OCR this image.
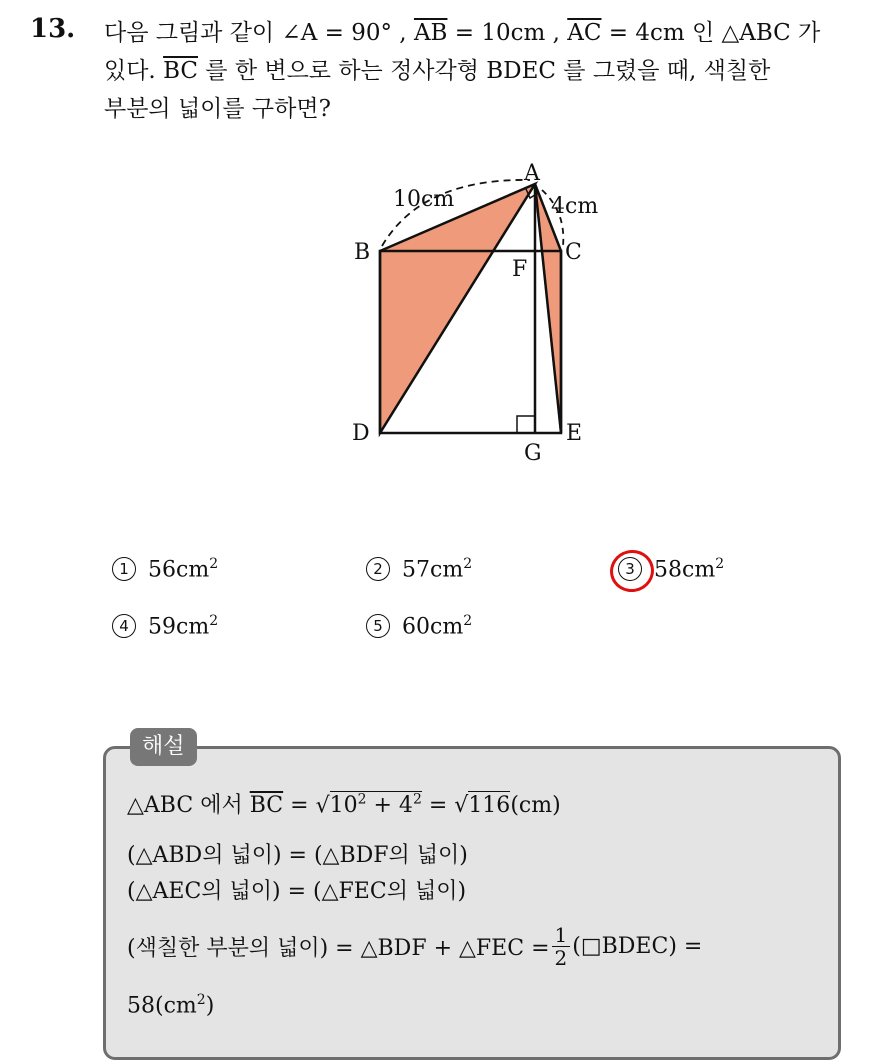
13. 다음 그림과 같이 ∠A = 90° , $\overline{AB} = 10cm$ , $\overline{AC} = 4cm$ 인 △ABC 가
있다. $\overline{BC}$ 를 한 변으로 하는 정사각형 BDEC 를 그렸을 때, 색칠한
부분의 넓이를 구하면?
A
B	C
D	E
F
G
10cm	4cm
1 $56cm^2$	2 $57cm^2$	3 $58cm^2$
4 $59cm^2$	5 $60cm^2$
해설
△ABC 에서 $\overline{BC} = √10^2 + 4^2 = √116(cm)$
(△ABD의 넓이) = (△BDF의 넓이)
(△AEC의 넓이) = (△FEC의 넓이)
(색칠한 부분의 넓이) = △BDF + △FEC = $\frac{1}{2}$ (□BDEC) =
$58(cm^2)$
